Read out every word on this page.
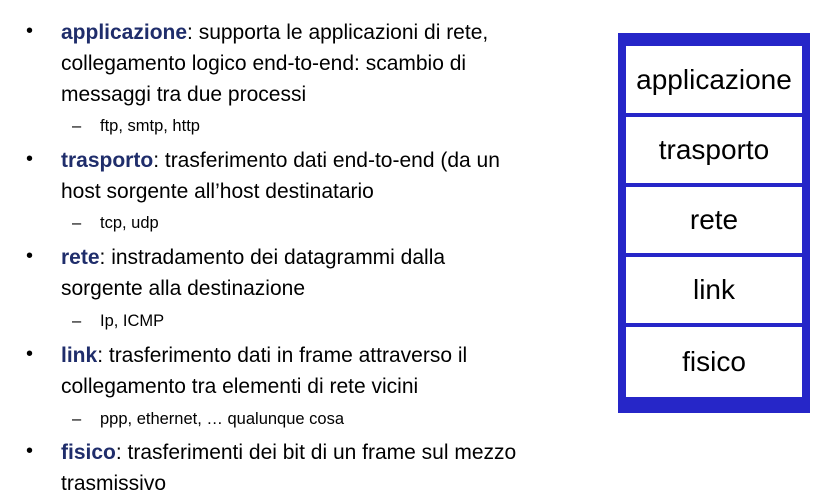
• applicazione: supporta le applicazioni di rete,
collegamento logico end-to-end: scambio di
messaggi tra due processi
– ftp, smtp, http
• trasporto: trasferimento dati end-to-end (da un
host sorgente all’host destinatario
– tcp, udp
• rete: instradamento dei datagrammi dalla
sorgente alla destinazione
– Ip, ICMP
• link: trasferimento dati in frame attraverso il
collegamento tra elementi di rete vicini
– ppp, ethernet, … qualunque cosa
• fisico: trasferimenti dei bit di un frame sul mezzo
trasmissivo
applicazione
trasporto
rete
link
fisico
